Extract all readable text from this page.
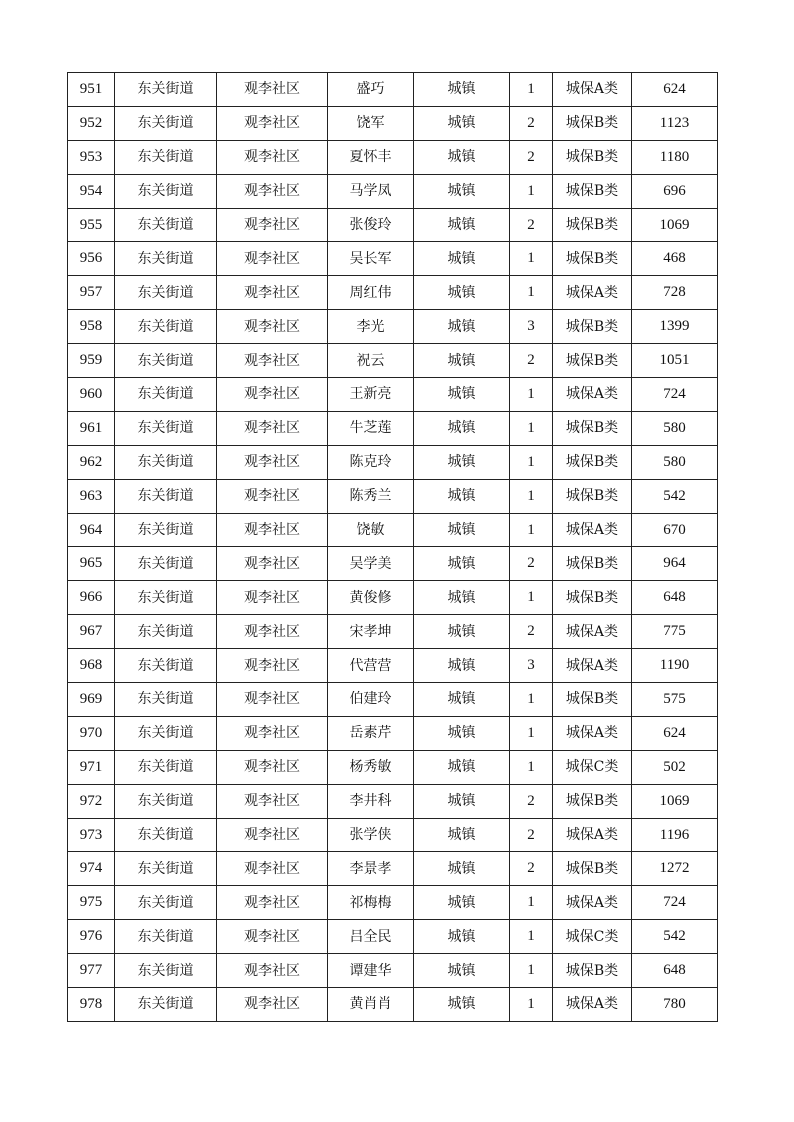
951	东关街道	观李社区	盛巧	城镇	1	城保A类	624
952	东关街道	观李社区	饶军	城镇	2	城保B类	1123
953	东关街道	观李社区	夏怀丰	城镇	2	城保B类	1180
954	东关街道	观李社区	马学凤	城镇	1	城保B类	696
955	东关街道	观李社区	张俊玲	城镇	2	城保B类	1069
956	东关街道	观李社区	吴长军	城镇	1	城保B类	468
957	东关街道	观李社区	周红伟	城镇	1	城保A类	728
958	东关街道	观李社区	李光	城镇	3	城保B类	1399
959	东关街道	观李社区	祝云	城镇	2	城保B类	1051
960	东关街道	观李社区	王新亮	城镇	1	城保A类	724
961	东关街道	观李社区	牛芝莲	城镇	1	城保B类	580
962	东关街道	观李社区	陈克玲	城镇	1	城保B类	580
963	东关街道	观李社区	陈秀兰	城镇	1	城保B类	542
964	东关街道	观李社区	饶敏	城镇	1	城保A类	670
965	东关街道	观李社区	吴学美	城镇	2	城保B类	964
966	东关街道	观李社区	黄俊修	城镇	1	城保B类	648
967	东关街道	观李社区	宋孝坤	城镇	2	城保A类	775
968	东关街道	观李社区	代营营	城镇	3	城保A类	1190
969	东关街道	观李社区	伯建玲	城镇	1	城保B类	575
970	东关街道	观李社区	岳素芹	城镇	1	城保A类	624
971	东关街道	观李社区	杨秀敏	城镇	1	城保C类	502
972	东关街道	观李社区	李井科	城镇	2	城保B类	1069
973	东关街道	观李社区	张学侠	城镇	2	城保A类	1196
974	东关街道	观李社区	李景孝	城镇	2	城保B类	1272
975	东关街道	观李社区	祁梅梅	城镇	1	城保A类	724
976	东关街道	观李社区	吕全民	城镇	1	城保C类	542
977	东关街道	观李社区	谭建华	城镇	1	城保B类	648
978	东关街道	观李社区	黄肖肖	城镇	1	城保A类	780
